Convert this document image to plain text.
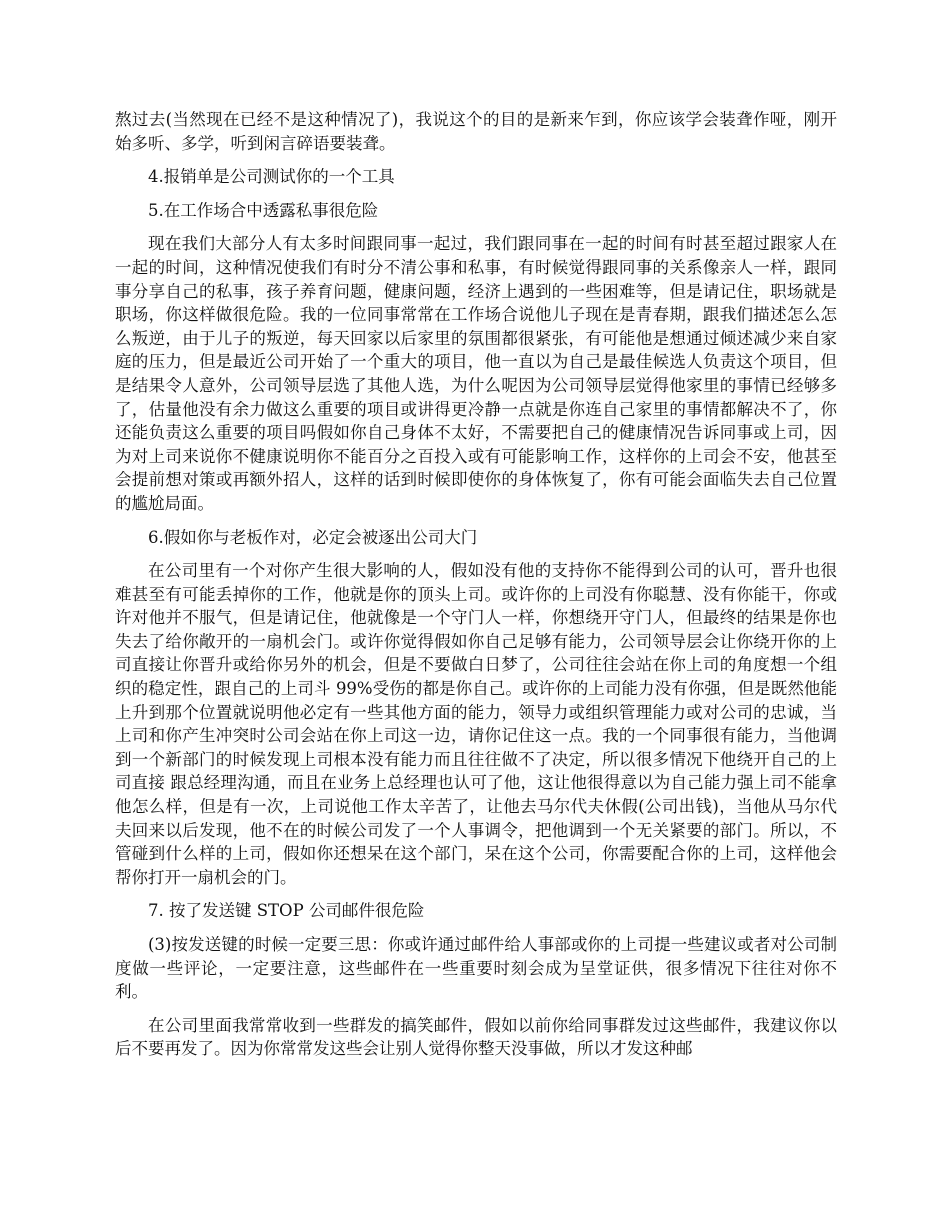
熬过去(当然现在已经不是这种情况了)，我说这个的目的是新来乍到，你应该学会装聋作哑，刚开始多听、多学，听到闲言碎语要装聋。

4.报销单是公司测试你的一个工具

5.在工作场合中透露私事很危险

现在我们大部分人有太多时间跟同事一起过，我们跟同事在一起的时间有时甚至超过跟家人在一起的时间，这种情况使我们有时分不清公事和私事，有时候觉得跟同事的关系像亲人一样，跟同事分享自己的私事，孩子养育问题，健康问题，经济上遇到的一些困难等，但是请记住，职场就是职场，你这样做很危险。我的一位同事常常在工作场合说他儿子现在是青春期，跟我们描述怎么怎么叛逆，由于儿子的叛逆，每天回家以后家里的氛围都很紧张，有可能他是想通过倾述减少来自家庭的压力，但是最近公司开始了一个重大的项目，他一直以为自己是最佳候选人负责这个项目，但是结果令人意外，公司领导层选了其他人选，为什么呢因为公司领导层觉得他家里的事情已经够多了，估量他没有余力做这么重要的项目或讲得更冷静一点就是你连自己家里的事情都解决不了，你还能负责这么重要的项目吗假如你自己身体不太好，不需要把自己的健康情况告诉同事或上司，因为对上司来说你不健康说明你不能百分之百投入或有可能影响工作，这样你的上司会不安，他甚至会提前想对策或再额外招人，这样的话到时候即使你的身体恢复了，你有可能会面临失去自己位置的尴尬局面。

6.假如你与老板作对，必定会被逐出公司大门

在公司里有一个对你产生很大影响的人，假如没有他的支持你不能得到公司的认可，晋升也很难甚至有可能丢掉你的工作，他就是你的顶头上司。或许你的上司没有你聪慧、没有你能干，你或许对他并不服气，但是请记住，他就像是一个守门人一样，你想绕开守门人，但最终的结果是你也失去了给你敞开的一扇机会门。或许你觉得假如你自己足够有能力，公司领导层会让你绕开你的上司直接让你晋升或给你另外的机会，但是不要做白日梦了，公司往往会站在你上司的角度想一个组织的稳定性，跟自己的上司斗 99%受伤的都是你自己。或许你的上司能力没有你强，但是既然他能上升到那个位置就说明他必定有一些其他方面的能力，领导力或组织管理能力或对公司的忠诚，当上司和你产生冲突时公司会站在你上司这一边，请你记住这一点。我的一个同事很有能力，当他调到一个新部门的时候发现上司根本没有能力而且往往做不了决定，所以很多情况下他绕开自己的上司直接 跟总经理沟通，而且在业务上总经理也认可了他，这让他很得意以为自己能力强上司不能拿他怎么样，但是有一次，上司说他工作太辛苦了，让他去马尔代夫休假(公司出钱)，当他从马尔代夫回来以后发现，他不在的时候公司发了一个人事调令，把他调到一个无关紧要的部门。所以，不管碰到什么样的上司，假如你还想呆在这个部门，呆在这个公司，你需要配合你的上司，这样他会帮你打开一扇机会的门。

7. 按了发送键 STOP 公司邮件很危险

(3)按发送键的时候一定要三思：你或许通过邮件给人事部或你的上司提一些建议或者对公司制度做一些评论，一定要注意，这些邮件在一些重要时刻会成为呈堂证供，很多情况下往往对你不利。

在公司里面我常常收到一些群发的搞笑邮件，假如以前你给同事群发过这些邮件，我建议你以后不要再发了。因为你常常发这些会让别人觉得你整天没事做，所以才发这种邮
